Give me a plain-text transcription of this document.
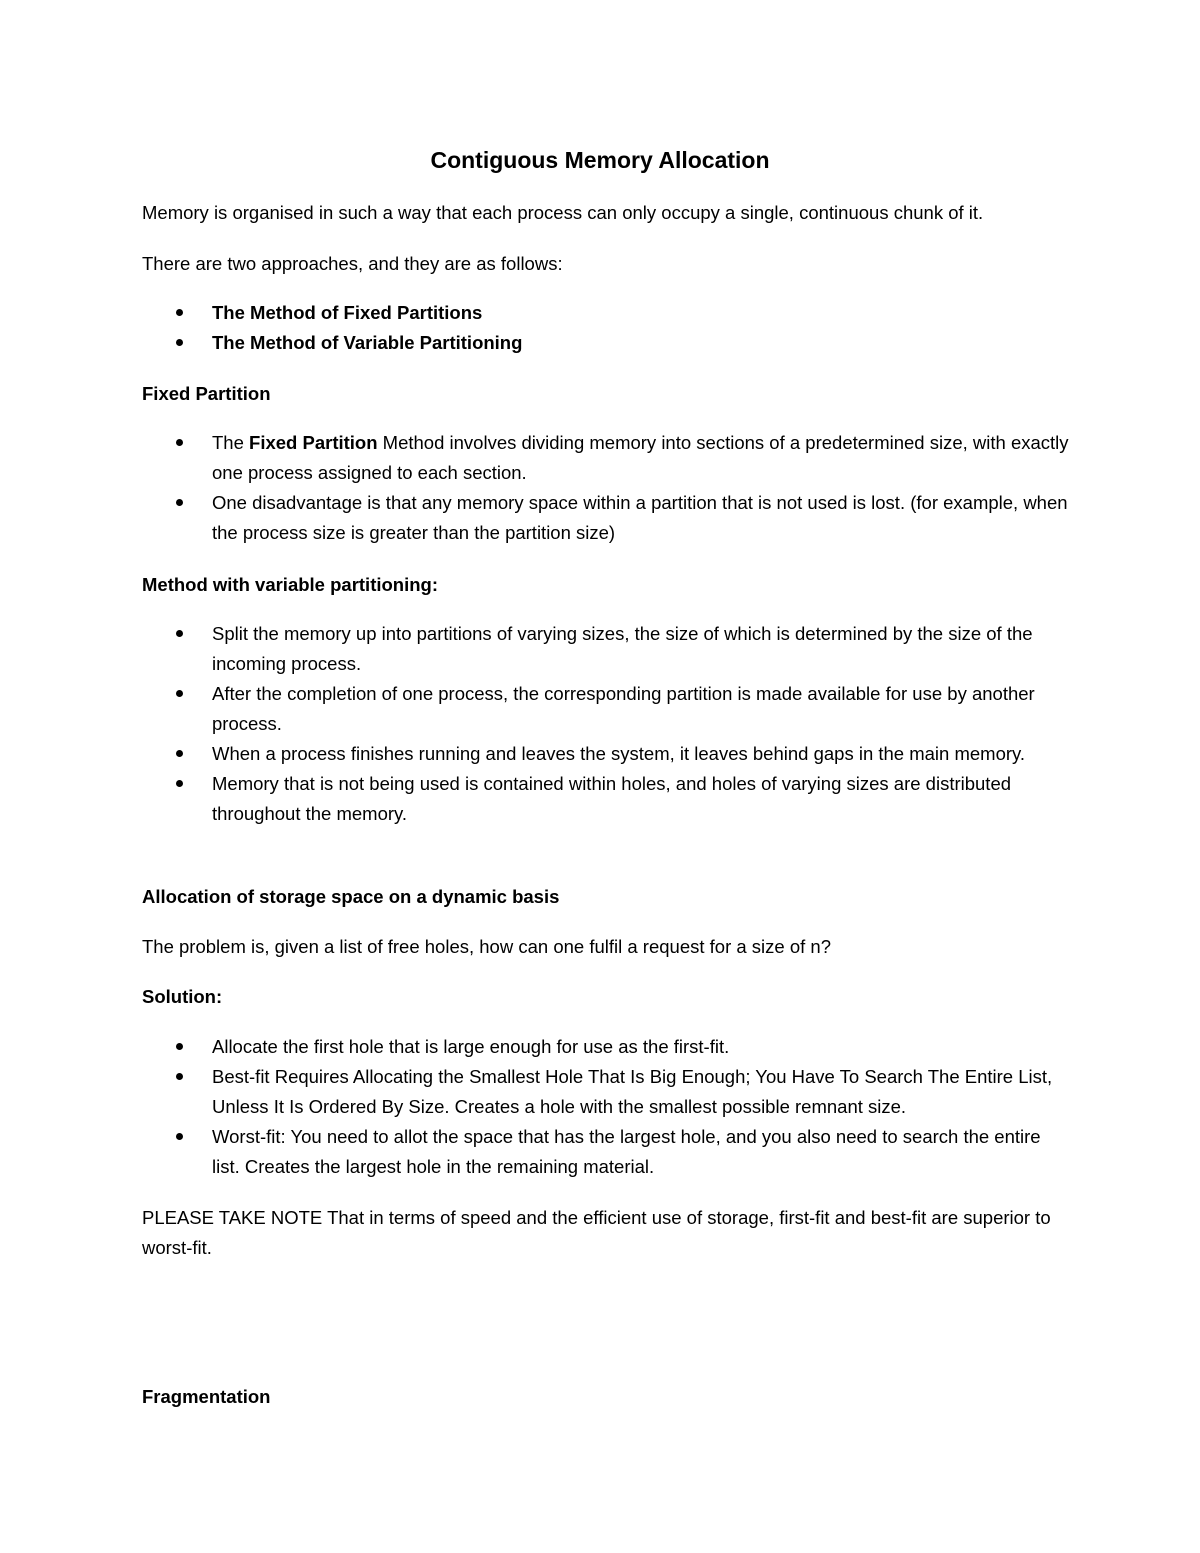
Contiguous Memory Allocation

Memory is organised in such a way that each process can only occupy a single, continuous chunk of it.

There are two approaches, and they are as follows:

The Method of Fixed Partitions
The Method of Variable Partitioning

Fixed Partition

The Fixed Partition Method involves dividing memory into sections of a predetermined size, with exactly one process assigned to each section.
One disadvantage is that any memory space within a partition that is not used is lost. (for example, when the process size is greater than the partition size)

Method with variable partitioning:

Split the memory up into partitions of varying sizes, the size of which is determined by the size of the incoming process.
After the completion of one process, the corresponding partition is made available for use by another process.
When a process finishes running and leaves the system, it leaves behind gaps in the main memory.
Memory that is not being used is contained within holes, and holes of varying sizes are distributed throughout the memory.

Allocation of storage space on a dynamic basis

The problem is, given a list of free holes, how can one fulfil a request for a size of n?

Solution:

Allocate the first hole that is large enough for use as the first-fit.
Best-fit Requires Allocating the Smallest Hole That Is Big Enough; You Have To Search The Entire List, Unless It Is Ordered By Size. Creates a hole with the smallest possible remnant size.
Worst-fit: You need to allot the space that has the largest hole, and you also need to search the entire list. Creates the largest hole in the remaining material.

PLEASE TAKE NOTE That in terms of speed and the efficient use of storage, first-fit and best-fit are superior to worst-fit.

Fragmentation
